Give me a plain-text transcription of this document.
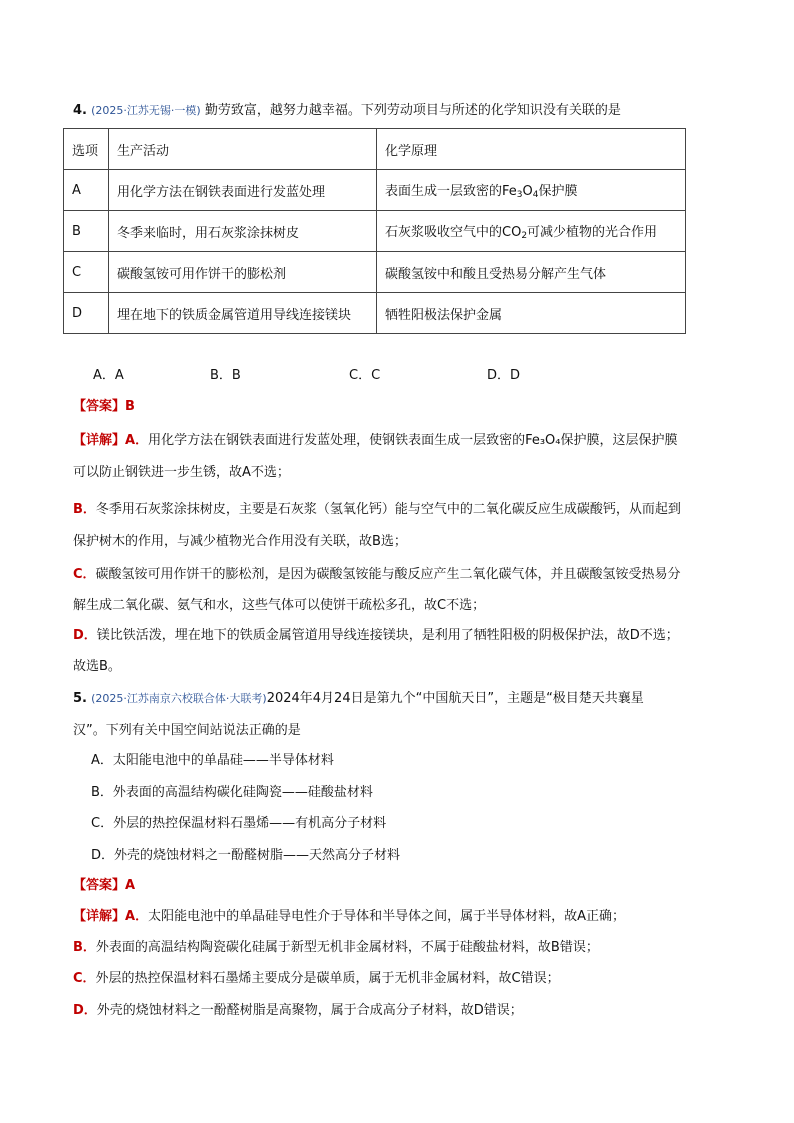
4. (2025·江苏无锡·一模) 勤劳致富，越努力越幸福。下列劳动项目与所述的化学知识没有关联的是
选项	生产活动	化学原理
A	用化学方法在钢铁表面进行发蓝处理	表面生成一层致密的$Fe_3O_4$保护膜
B	冬季来临时，用石灰浆涂抹树皮	石灰浆吸收空气中的$CO_2$可减少植物的光合作用
C	碳酸氢铵可用作饼干的膨松剂	碳酸氢铵中和酸且受热易分解产生气体
D	埋在地下的铁质金属管道用导线连接镁块	牺牲阳极法保护金属
A．A	B．B	C．C	D．D
【答案】B
【详解】A．用化学方法在钢铁表面进行发蓝处理，使钢铁表面生成一层致密的Fe₃O₄保护膜，这层保护膜
可以防止钢铁进一步生锈，故A不选；
B．冬季用石灰浆涂抹树皮，主要是石灰浆（氢氧化钙）能与空气中的二氧化碳反应生成碳酸钙，从而起到
保护树木的作用，与减少植物光合作用没有关联，故B选；
C．碳酸氢铵可用作饼干的膨松剂，是因为碳酸氢铵能与酸反应产生二氧化碳气体，并且碳酸氢铵受热易分
解生成二氧化碳、氨气和水，这些气体可以使饼干疏松多孔，故C不选；
D．镁比铁活泼，埋在地下的铁质金属管道用导线连接镁块，是利用了牺牲阳极的阴极保护法，故D不选；
故选B。
5. (2025·江苏南京六校联合体·大联考)2024年4月24日是第九个“中国航天日”，主题是“极目楚天共襄星
汉”。下列有关中国空间站说法正确的是
A．太阳能电池中的单晶硅——半导体材料
B．外表面的高温结构碳化硅陶瓷——硅酸盐材料
C．外层的热控保温材料石墨烯——有机高分子材料
D．外壳的烧蚀材料之一酚醛树脂——天然高分子材料
【答案】A
【详解】A．太阳能电池中的单晶硅导电性介于导体和半导体之间，属于半导体材料，故A正确；
B．外表面的高温结构陶瓷碳化硅属于新型无机非金属材料，不属于硅酸盐材料，故B错误；
C．外层的热控保温材料石墨烯主要成分是碳单质，属于无机非金属材料，故C错误；
D．外壳的烧蚀材料之一酚醛树脂是高聚物，属于合成高分子材料，故D错误；
